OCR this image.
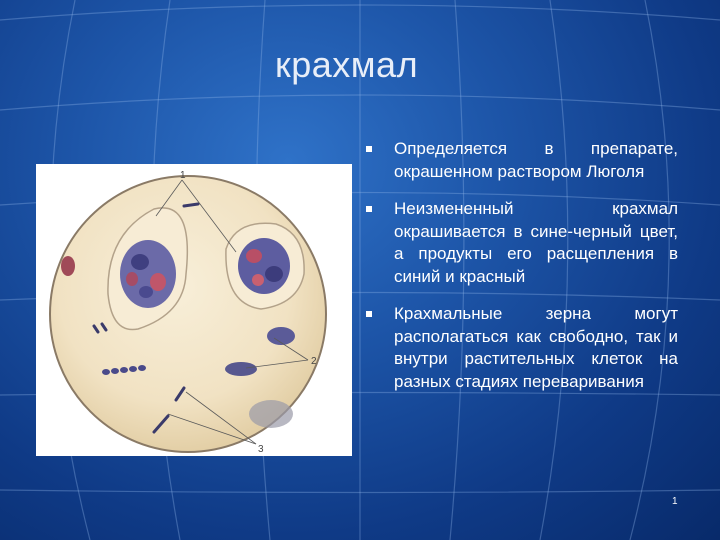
крахмал
1
2
3
Определяется в препарате, окрашенном раствором Люголя
Неизмененный крахмал окрашивается в сине-черный цвет, а продукты его расщепления в синий и красный
Крахмальные зерна могут располагаться как свободно, так и внутри растительных клеток на разных стадиях переваривания
1
